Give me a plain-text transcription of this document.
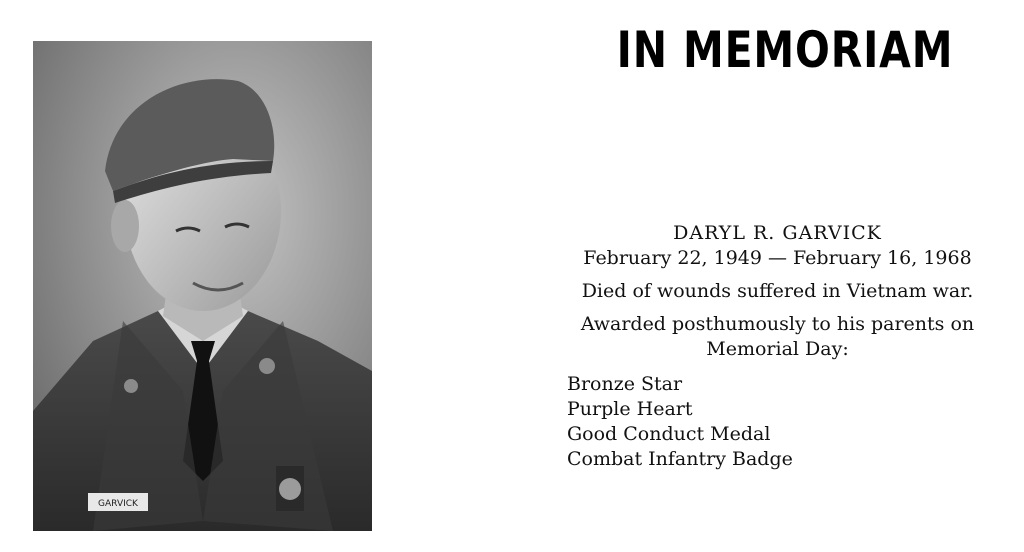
GARVICK
IN MEMORIAM
DARYL R. GARVICK
February 22, 1949 — February 16, 1968
Died of wounds suffered in Vietnam war.
Awarded posthumously to his parents on Memorial Day:
Bronze Star
Purple Heart
Good Conduct Medal
Combat Infantry Badge
